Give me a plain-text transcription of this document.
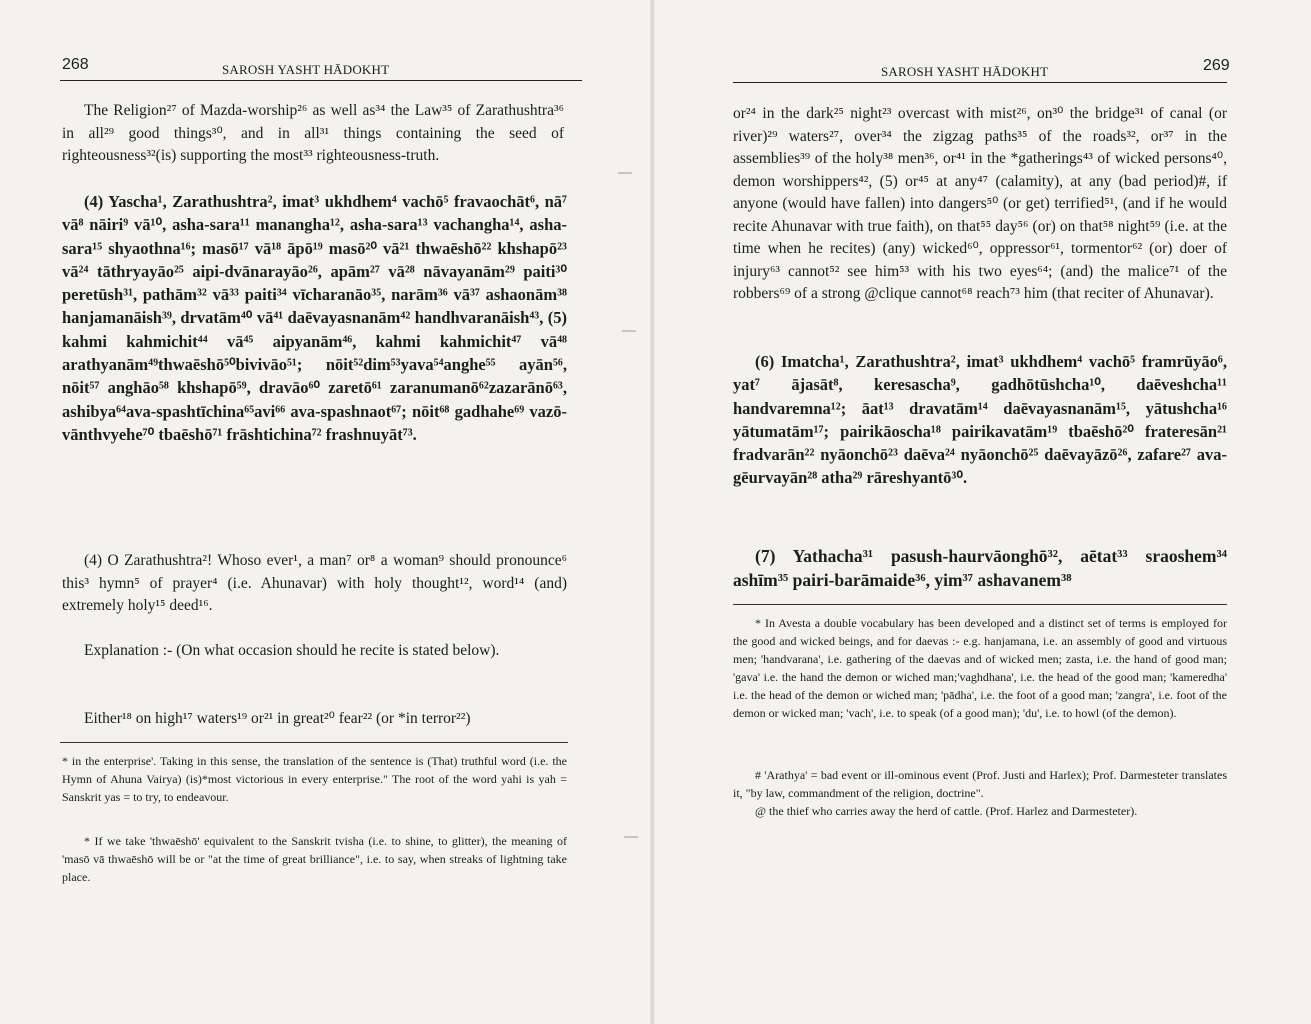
268	SAROSH YASHT HĀDOKHT
The Religion²⁷ of Mazda-worship²⁶ as well as³⁴ the Law³⁵ of Zarathushtra³⁶ in all²⁹ good things³⁰, and in all³¹ things containing the seed of righteousness³²(is) supporting the most³³ righteousness-truth.
(4) Yascha¹, Zarathushtra², imat³ ukhdhem⁴ vachō⁵ fravaochāt⁶, nā⁷ vā⁸ nāiri⁹ vā¹⁰, asha-sara¹¹ manangha¹², asha-sara¹³ vachangha¹⁴, asha-sara¹⁵ shyaothna¹⁶; masō¹⁷ vā¹⁸ āpō¹⁹ masō²⁰ vā²¹ thwaēshō²² khshapō²³ vā²⁴ tāthryayāo²⁵ aipi-dvānarayāo²⁶, apām²⁷ vā²⁸ nāvayanām²⁹ paiti³⁰ peretūsh³¹, pathām³² vā³³ paiti³⁴ vīcharanāo³⁵, narām³⁶ vā³⁷ ashaonām³⁸ hanjamanāish³⁹, drvatām⁴⁰ vā⁴¹ daēvayasnanām⁴² handhvaranāish⁴³, (5) kahmi kahmichit⁴⁴ vā⁴⁵ aipyanām⁴⁶, kahmi kahmichit⁴⁷ vā⁴⁸ arathyanām⁴⁹thwaēshō⁵⁰bivivāo⁵¹; nōit⁵²dim⁵³yava⁵⁴anghe⁵⁵ ayān⁵⁶, nōit⁵⁷ anghāo⁵⁸ khshapō⁵⁹, dravāo⁶⁰ zaretō⁶¹ zaranumanō⁶²zazarānō⁶³, ashibya⁶⁴ava-spashtīchina⁶⁵avi⁶⁶ ava-spashnaot⁶⁷; nōit⁶⁸ gadhahe⁶⁹ vazō-vānthvyehe⁷⁰ tbaēshō⁷¹ frāshtichina⁷² frashnuyāt⁷³.
(4) O Zarathushtra²! Whoso ever¹, a man⁷ or⁸ a woman⁹ should pronounce⁶ this³ hymn⁵ of prayer⁴ (i.e. Ahunavar) with holy thought¹², word¹⁴ (and) extremely holy¹⁵ deed¹⁶.
Explanation :- (On what occasion should he recite is stated below).
Either¹⁸ on high¹⁷ waters¹⁹ or²¹ in great²⁰ fear²² (or *in terror²²)
* in the enterprise'. Taking in this sense, the translation of the sentence is (That) truthful word (i.e. the Hymn of Ahuna Vairya) (is)*most victorious in every enterprise." The root of the word yahi is yah = Sanskrit yas = to try, to endeavour.
* If we take 'thwaēshō' equivalent to the Sanskrit tvisha (i.e. to shine, to glitter), the meaning of 'masō vā thwaēshō will be or "at the time of great brilliance", i.e. to say, when streaks of lightning take place.
SAROSH YASHT HĀDOKHT	269
or²⁴ in the dark²⁵ night²³ overcast with mist²⁶, on³⁰ the bridge³¹ of canal (or river)²⁹ waters²⁷, over³⁴ the zigzag paths³⁵ of the roads³², or³⁷ in the assemblies³⁹ of the holy³⁸ men³⁶, or⁴¹ in the *gatherings⁴³ of wicked persons⁴⁰, demon worshippers⁴², (5) or⁴⁵ at any⁴⁷ (calamity), at any (bad period)#, if anyone (would have fallen) into dangers⁵⁰ (or get) terrified⁵¹, (and if he would recite Ahunavar with true faith), on that⁵⁵ day⁵⁶ (or) on that⁵⁸ night⁵⁹ (i.e. at the time when he recites) (any) wicked⁶⁰, oppressor⁶¹, tormentor⁶² (or) doer of injury⁶³ cannot⁵² see him⁵³ with his two eyes⁶⁴; (and) the malice⁷¹ of the robbers⁶⁹ of a strong @clique cannot⁶⁸ reach⁷³ him (that reciter of Ahunavar).
(6) Imatcha¹, Zarathushtra², imat³ ukhdhem⁴ vachō⁵ framrūyāo⁶, yat⁷ ājasāt⁸, keresascha⁹, gadhōtūshcha¹⁰, daēveshcha¹¹ handvaremna¹²; āat¹³ dravatām¹⁴ daēvayasnanām¹⁵, yātushcha¹⁶ yātumatām¹⁷; pairikāoscha¹⁸ pairikavatām¹⁹ tbaēshō²⁰ frateresān²¹ fradvarān²² nyāonchō²³ daēva²⁴ nyāonchō²⁵ daēvayāzō²⁶, zafare²⁷ ava-gēurvayān²⁸ atha²⁹ rāreshyantō³⁰.
(7) Yathacha³¹ pasush-haurvāonghō³², aētat³³ sraoshem³⁴ ashīm³⁵ pairi-barāmaide³⁶, yim³⁷ ashavanem³⁸
* In Avesta a double vocabulary has been developed and a distinct set of terms is employed for the good and wicked beings, and for daevas :- e.g. hanjamana, i.e. an assembly of good and virtuous men; 'handvarana', i.e. gathering of the daevas and of wicked men; zasta, i.e. the hand of good man; 'gava' i.e. the hand the demon or wiched man;'vaghdhana', i.e. the head of the good man; 'kameredha' i.e. the head of the demon or wiched man; 'pādha', i.e. the foot of a good man; 'zangra', i.e. foot of the demon or wicked man; 'vach', i.e. to speak (of a good man); 'du', i.e. to howl (of the demon).
# 'Arathya' = bad event or ill-ominous event (Prof. Justi and Harlex); Prof. Darmesteter translates it, "by law, commandment of the religion, doctrine".
@ the thief who carries away the herd of cattle. (Prof. Harlez and Darmesteter).
